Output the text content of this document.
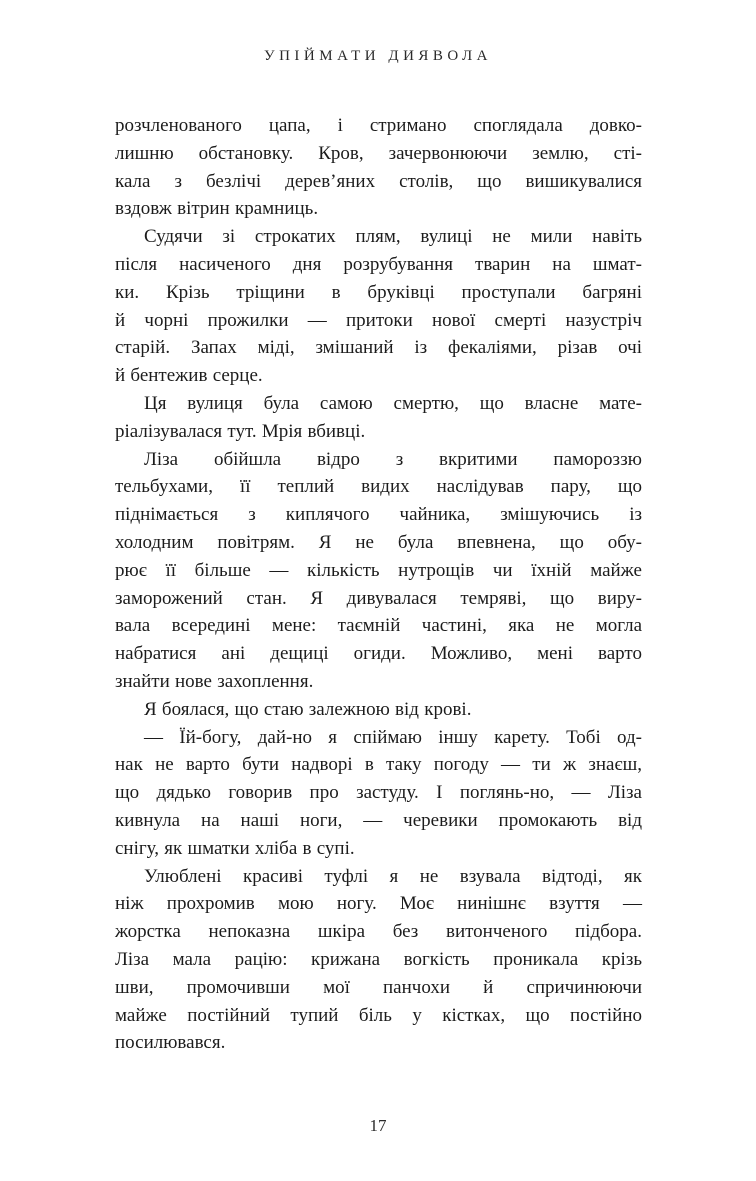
УПІЙМАТИ ДИЯВОЛА
розчленованого цапа, і стримано споглядала довко-
лишню обстановку. Кров, зачервонюючи землю, сті-
кала з безлічі дерев’яних столів, що вишикувалися
вздовж вітрин крамниць.
Судячи зі строкатих плям, вулиці не мили навіть
після насиченого дня розрубування тварин на шмат-
ки. Крізь тріщини в бруківці проступали багряні
й чорні прожилки — притоки нової смерті назустріч
старій. Запах міді, змішаний із фекаліями, різав очі
й бентежив серце.
Ця вулиця була самою смертю, що власне мате-
ріалізувалася тут. Мрія вбивці.
Ліза обійшла відро з вкритими памороззю
тельбухами, її теплий видих наслідував пару, що
піднімається з киплячого чайника, змішуючись із
холодним повітрям. Я не була впевнена, що обу-
рює її більше — кількість нутрощів чи їхній майже
заморожений стан. Я дивувалася темряві, що виру-
вала всередині мене: таємній частині, яка не могла
набратися ані дещиці огиди. Можливо, мені варто
знайти нове захоплення.
Я боялася, що стаю залежною від крові.
— Їй-богу, дай-но я спіймаю іншу карету. Тобі од-
нак не варто бути надворі в таку погоду — ти ж знаєш,
що дядько говорив про застуду. І поглянь-но, — Ліза
кивнула на наші ноги, — черевики промокають від
снігу, як шматки хліба в супі.
Улюблені красиві туфлі я не взувала відтоді, як
ніж прохромив мою ногу. Моє нинішнє взуття —
жорстка непоказна шкіра без витонченого підбора.
Ліза мала рацію: крижана вогкість проникала крізь
шви, промочивши мої панчохи й спричинюючи
майже постійний тупий біль у кістках, що постійно
посилювався.
17
